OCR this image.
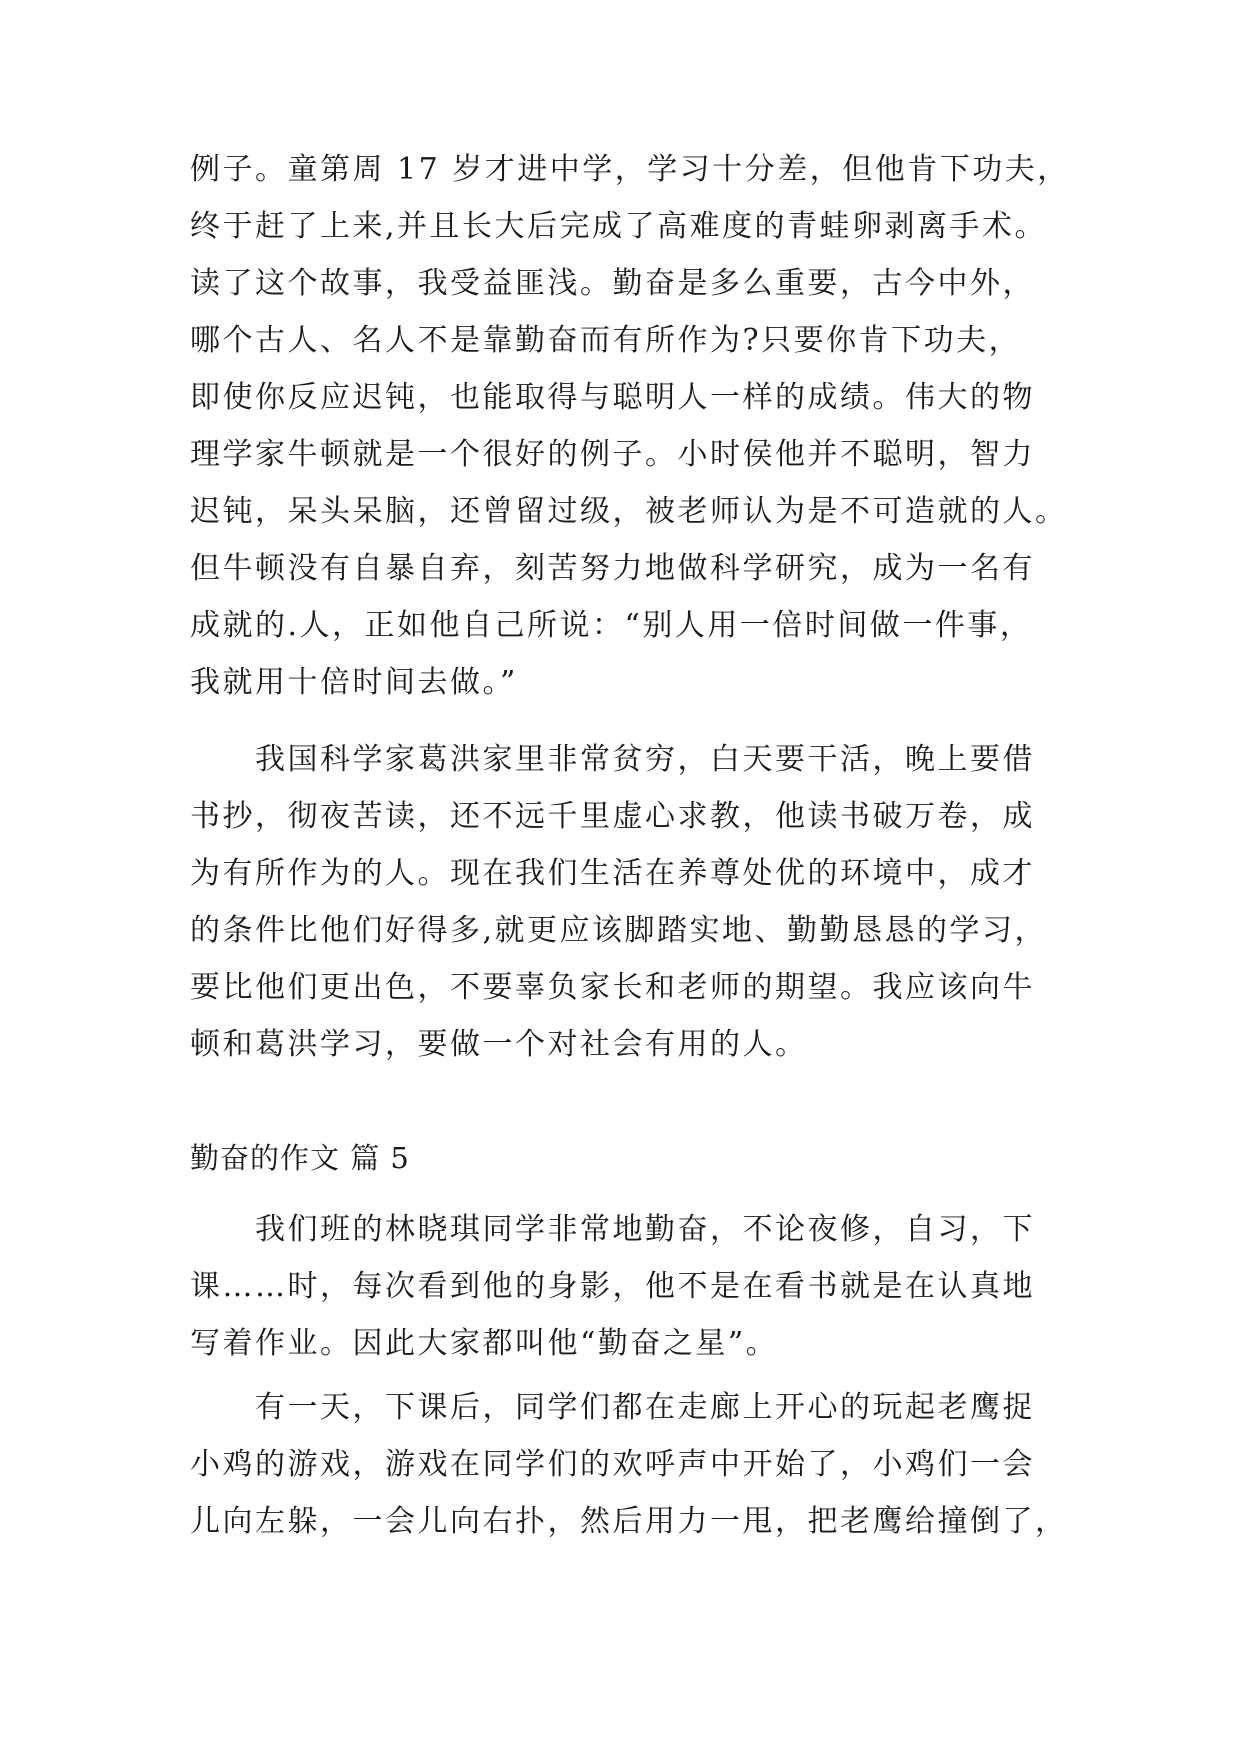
例子。童第周 17 岁才进中学，学习十分差，但他肯下功夫，
终于赶了上来,并且长大后完成了高难度的青蛙卵剥离手术。
读了这个故事，我受益匪浅。勤奋是多么重要，古今中外，
哪个古人、名人不是靠勤奋而有所作为?只要你肯下功夫，
即使你反应迟钝，也能取得与聪明人一样的成绩。伟大的物
理学家牛顿就是一个很好的例子。小时侯他并不聪明，智力
迟钝，呆头呆脑，还曾留过级，被老师认为是不可造就的人。
但牛顿没有自暴自弃，刻苦努力地做科学研究，成为一名有
成就的.人，正如他自己所说：“别人用一倍时间做一件事，
我就用十倍时间去做。”
　　我国科学家葛洪家里非常贫穷，白天要干活，晚上要借
书抄，彻夜苦读，还不远千里虚心求教，他读书破万卷，成
为有所作为的人。现在我们生活在养尊处优的环境中，成才
的条件比他们好得多,就更应该脚踏实地、勤勤恳恳的学习，
要比他们更出色，不要辜负家长和老师的期望。我应该向牛
顿和葛洪学习，要做一个对社会有用的人。
勤奋的作文 篇 5
　　我们班的林晓琪同学非常地勤奋，不论夜修，自习，下
课……时，每次看到他的身影，他不是在看书就是在认真地
写着作业。因此大家都叫他“勤奋之星”。
　　有一天，下课后，同学们都在走廊上开心的玩起老鹰捉
小鸡的游戏，游戏在同学们的欢呼声中开始了，小鸡们一会
儿向左躲，一会儿向右扑，然后用力一甩，把老鹰给撞倒了，
